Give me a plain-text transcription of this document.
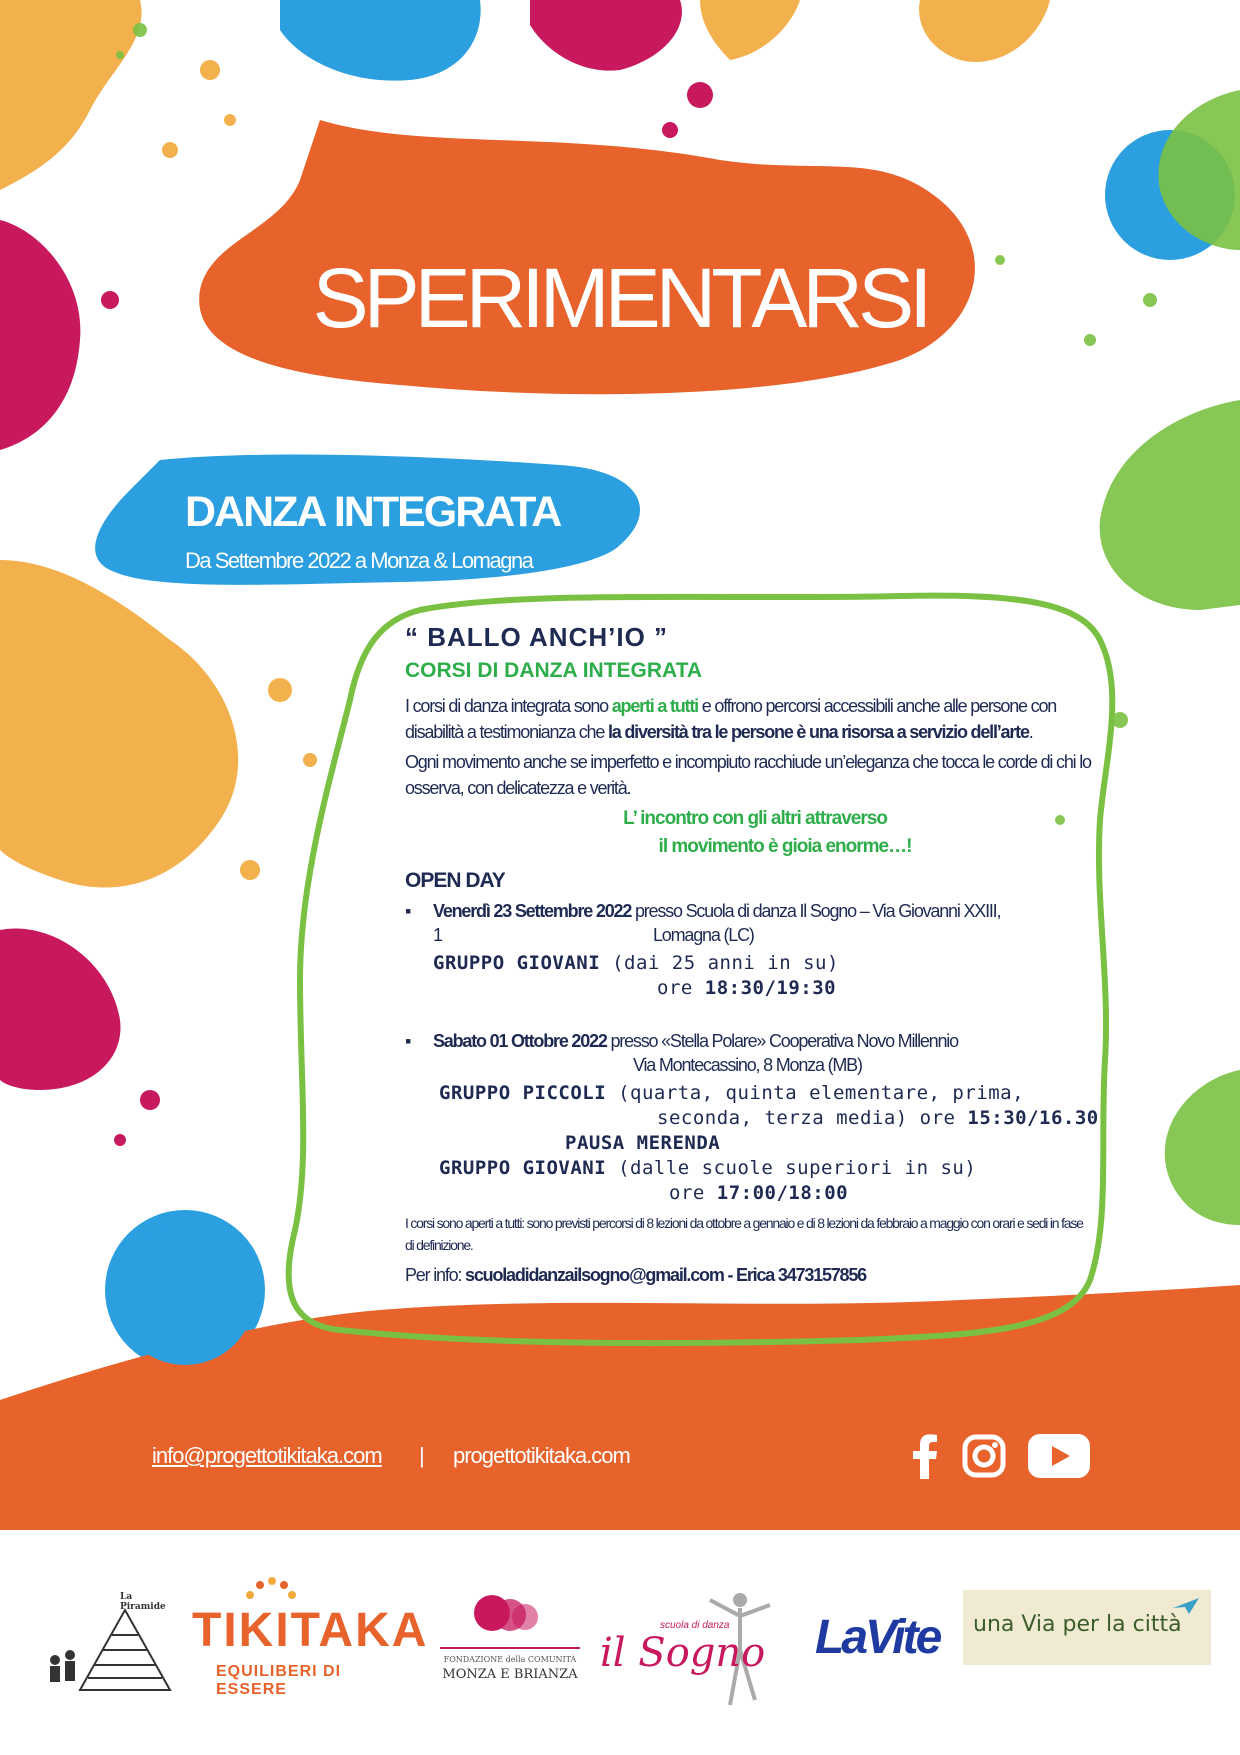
SPERIMENTARSI
DANZA INTEGRATA
Da Settembre 2022 a Monza & Lomagna
“ BALLO ANCH’IO ”
CORSI DI DANZA INTEGRATA
I corsi di danza integrata sono aperti a tutti e offrono percorsi accessibili anche alle persone con disabilità a testimonianza che la diversità tra le persone è una risorsa a servizio dell’arte.
Ogni movimento anche se imperfetto e incompiuto racchiude un’eleganza che tocca le corde di chi lo osserva, con delicatezza e verità.
L’ incontro con gli altri attraverso
il movimento è gioia enorme…!
OPEN DAY
▪ Venerdì 23 Settembre 2022 presso Scuola di danza Il Sogno – Via Giovanni XXIII,
1	Lomagna (LC)
GRUPPO GIOVANI (dai 25 anni in su)
ore 18:30/19:30
▪ Sabato 01 Ottobre 2022 presso «Stella Polare» Cooperativa Novo Millennio
Via Montecassino, 8 Monza (MB)
GRUPPO PICCOLI (quarta, quinta elementare, prima,
seconda, terza media) ore 15:30/16.30
PAUSA MERENDA
GRUPPO GIOVANI (dalle scuole superiori in su)
ore 17:00/18:00
I corsi sono aperti a tutti: sono previsti percorsi di 8 lezioni da ottobre a gennaio e di 8 lezioni da febbraio a maggio con orari e sedi in fase di definizione.
Per info: scuoladidanzailsogno@gmail.com - Erica 3473157856
info@progettotikitaka.com | progettotikitaka.com
La Piramide TIKITAKA
EQUILIBERI DI ESSERE
FONDAZIONE della COMUNITÀ
MONZA E BRIANZA il Sogno
scuola di danza LaVite una Via per la città
